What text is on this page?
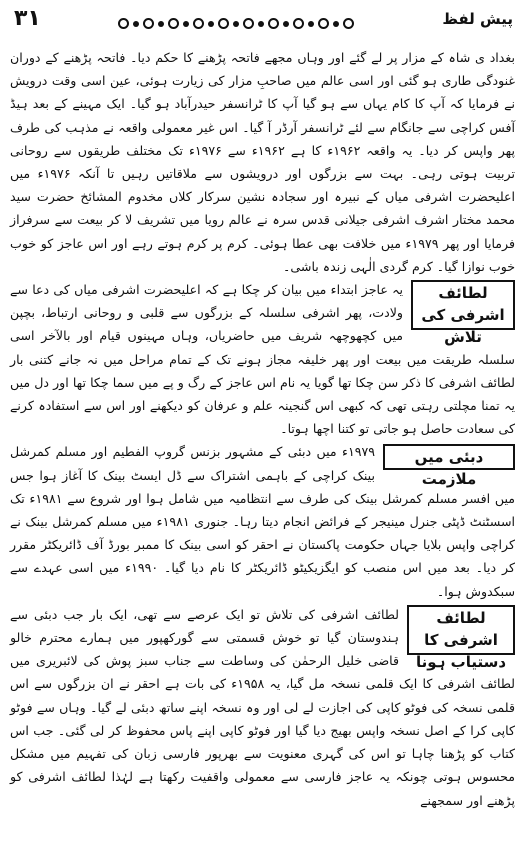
۳۱	پیش لفظ

بغداد ی شاہ کے مزار پر لے گئے اور وہاں مجھے فاتحہ پڑھنے کا حکم دیا۔ فاتحہ پڑھنے کے دوران غنودگی طاری ہو گئی اور اسی عالم میں صاحبِ مزار کی زیارت ہوئی، عین اسی وقت درویش نے فرمایا کہ آپ کا کام یہاں سے ہو گیا آپ کا ٹرانسفر حیدرآباد ہو گیا۔ ایک مہینے کے بعد ہیڈ آفس کراچی سے جانگام سے لئے ٹرانسفر آرڈر آ گیا۔ اس غیر معمولی واقعہ نے مذہب کی طرف پھر واپس کر دیا۔ یہ واقعہ ۱۹۶۲ء کا ہے ۱۹۶۲ء سے ۱۹۷۶ء تک مختلف طریقوں سے روحانی تربیت ہوتی رہی۔ بہت سے بزرگوں اور درویشوں سے ملاقاتیں رہیں تا آنکہ ۱۹۷۶ء میں اعلیحضرت اشرفی میاں کے نبیرہ اور سجادہ نشین سرکار کلاں مخدوم المشائخ حضرت سید محمد مختار اشرف اشرفی جیلانی قدس سرہ نے عالم رویا میں تشریف لا کر بیعت سے سرفراز فرمایا اور پھر ۱۹۷۹ء میں خلافت بھی عطا ہوئی۔ کرم پر کرم ہوتے رہے اور اس عاجز کو خوب خوب نوازا گیا۔ کرم گردی الٰہی زندہ باشی۔

لطائف اشرفی کی تلاش
یہ عاجز ابتداء میں بیان کر چکا ہے کہ اعلیحضرت اشرفی میاں کی دعا سے ولادت، پھر اشرفی سلسلہ کے بزرگوں سے قلبی و روحانی ارتباط، بچپن میں کچھوچھہ شریف میں حاضریاں، وہاں مہینوں قیام اور بالآخر اسی سلسلہ طریقت میں بیعت اور پھر خلیفہ مجاز ہونے تک کے تمام مراحل میں نہ جانے کتنی بار لطائف اشرفی کا ذکر سن چکا تھا گویا یہ نام اس عاجز کے رگ و پے میں سما چکا تھا اور دل میں یہ تمنا مچلتی رہتی تھی کہ کبھی اس گنجینہ علم و عرفان کو دیکھنے اور اس سے استفادہ کرنے کی سعادت حاصل ہو جاتی تو کتنا اچھا ہوتا۔

دبئی میں ملازمت
۱۹۷۹ء میں دبئی کے مشہور بزنس گروپ الفطیم اور مسلم کمرشل بینک کراچی کے باہمی اشتراک سے ڈل ایسٹ بینک کا آغاز ہوا جس میں افسر مسلم کمرشل بینک کی طرف سے انتظامیہ میں شامل ہوا اور شروع سے ۱۹۸۱ء تک اسسٹنٹ ڈپٹی جنرل مینیجر کے فرائض انجام دیتا رہا۔ جنوری ۱۹۸۱ء میں مسلم کمرشل بینک نے کراچی واپس بلایا جہاں حکومت پاکستان نے احقر کو اسی بینک کا ممبر بورڈ آف ڈائریکٹر مقرر کر دیا۔ بعد میں اس منصب کو ایگزیکیٹو ڈائریکٹر کا نام دیا گیا۔ ۱۹۹۰ء میں اسی عہدے سے سبکدوش ہوا۔

لطائف اشرفی کا دستیاب ہونا
لطائف اشرفی کی تلاش تو ایک عرصے سے تھی، ایک بار جب دبئی سے ہندوستان گیا تو خوش قسمتی سے گورکھپور میں ہمارے محترم خالو قاضی خلیل الرحمٰن کی وساطت سے جناب سبز پوش کی لائبریری میں لطائف اشرفی کا ایک قلمی نسخہ مل گیا، یہ ۱۹۵۸ء کی بات ہے احقر نے ان بزرگوں سے اس قلمی نسخہ کی فوٹو کاپی کی اجازت لے لی اور وہ نسخہ اپنے ساتھ دبئی لے گیا۔ وہاں سے فوٹو کاپی کرا کے اصل نسخہ واپس بھیج دیا گیا اور فوٹو کاپی اپنے پاس محفوظ کر لی گئی۔ جب اس کتاب کو پڑھنا چاہا تو اس کی گہری معنویت سے بھرپور فارسی زبان کی تفہیم میں مشکل محسوس ہوتی چونکہ یہ عاجز فارسی سے معمولی واقفیت رکھتا ہے لہٰذا لطائف اشرفی کو پڑھنے اور سمجھنے
